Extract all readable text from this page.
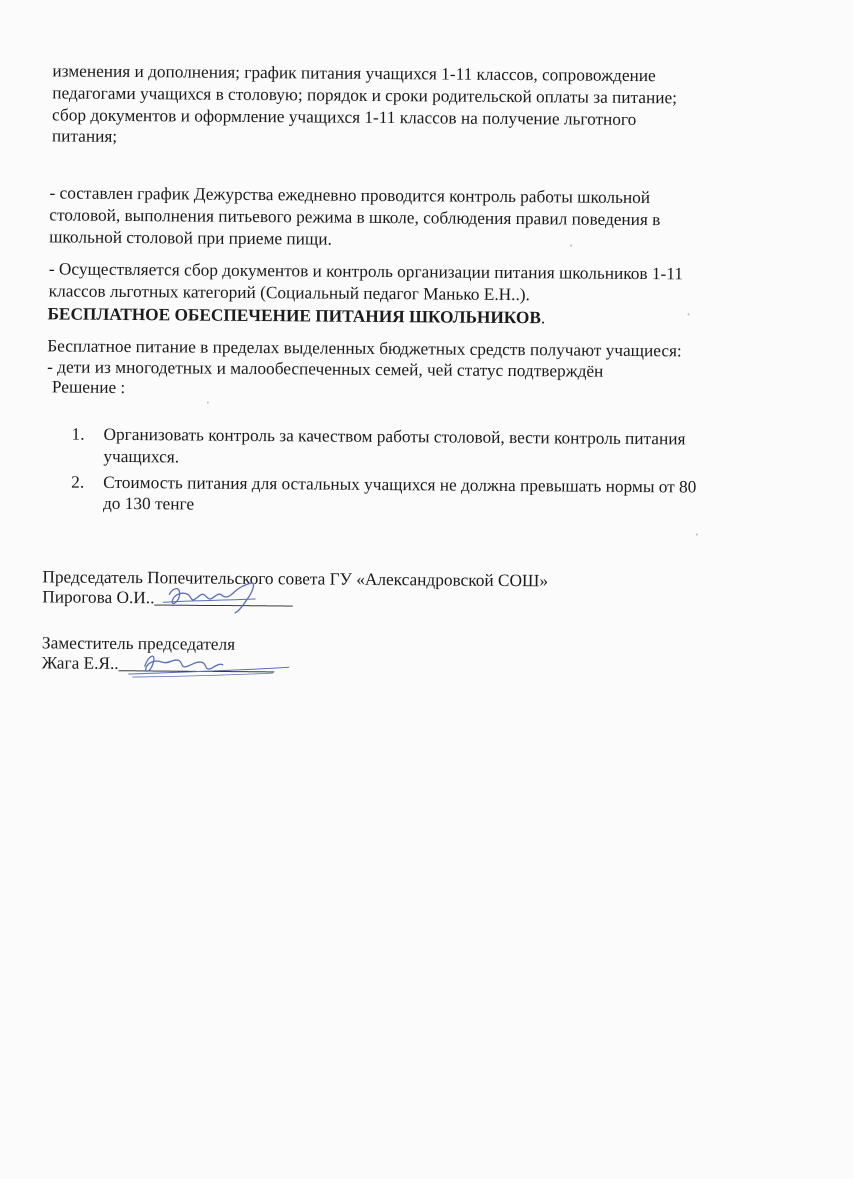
изменения и дополнения; график питания учащихся 1-11 классов, сопровождение
педагогами учащихся в столовую; порядок и сроки родительской оплаты за питание;
сбор документов и оформление учащихся 1-11 классов на получение льготного
питания;
- составлен график Дежурства ежедневно проводится контроль работы школьной
столовой, выполнения питьевого режима в школе, соблюдения правил поведения в
школьной столовой при приеме пищи.
- Осуществляется сбор документов и контроль организации питания школьников 1-11
классов льготных категорий (Социальный педагог Манько Е.Н..).
БЕСПЛАТНОЕ ОБЕСПЕЧЕНИЕ ПИТАНИЯ ШКОЛЬНИКОВ.
Бесплатное питание в пределах выделенных бюджетных средств получают учащиеся:
- дети из многодетных и малообеспеченных семей, чей статус подтверждён
Решение :
1. Организовать контроль за качеством работы столовой, вести контроль питания
учащихся.
2. Стоимость питания для остальных учащихся не должна превышать нормы от 80
до 130 тенге
Председатель Попечительского совета ГУ «Александровской СОШ»
Пирогова О.И..________________
Заместитель председателя
Жага Е.Я..__________________
